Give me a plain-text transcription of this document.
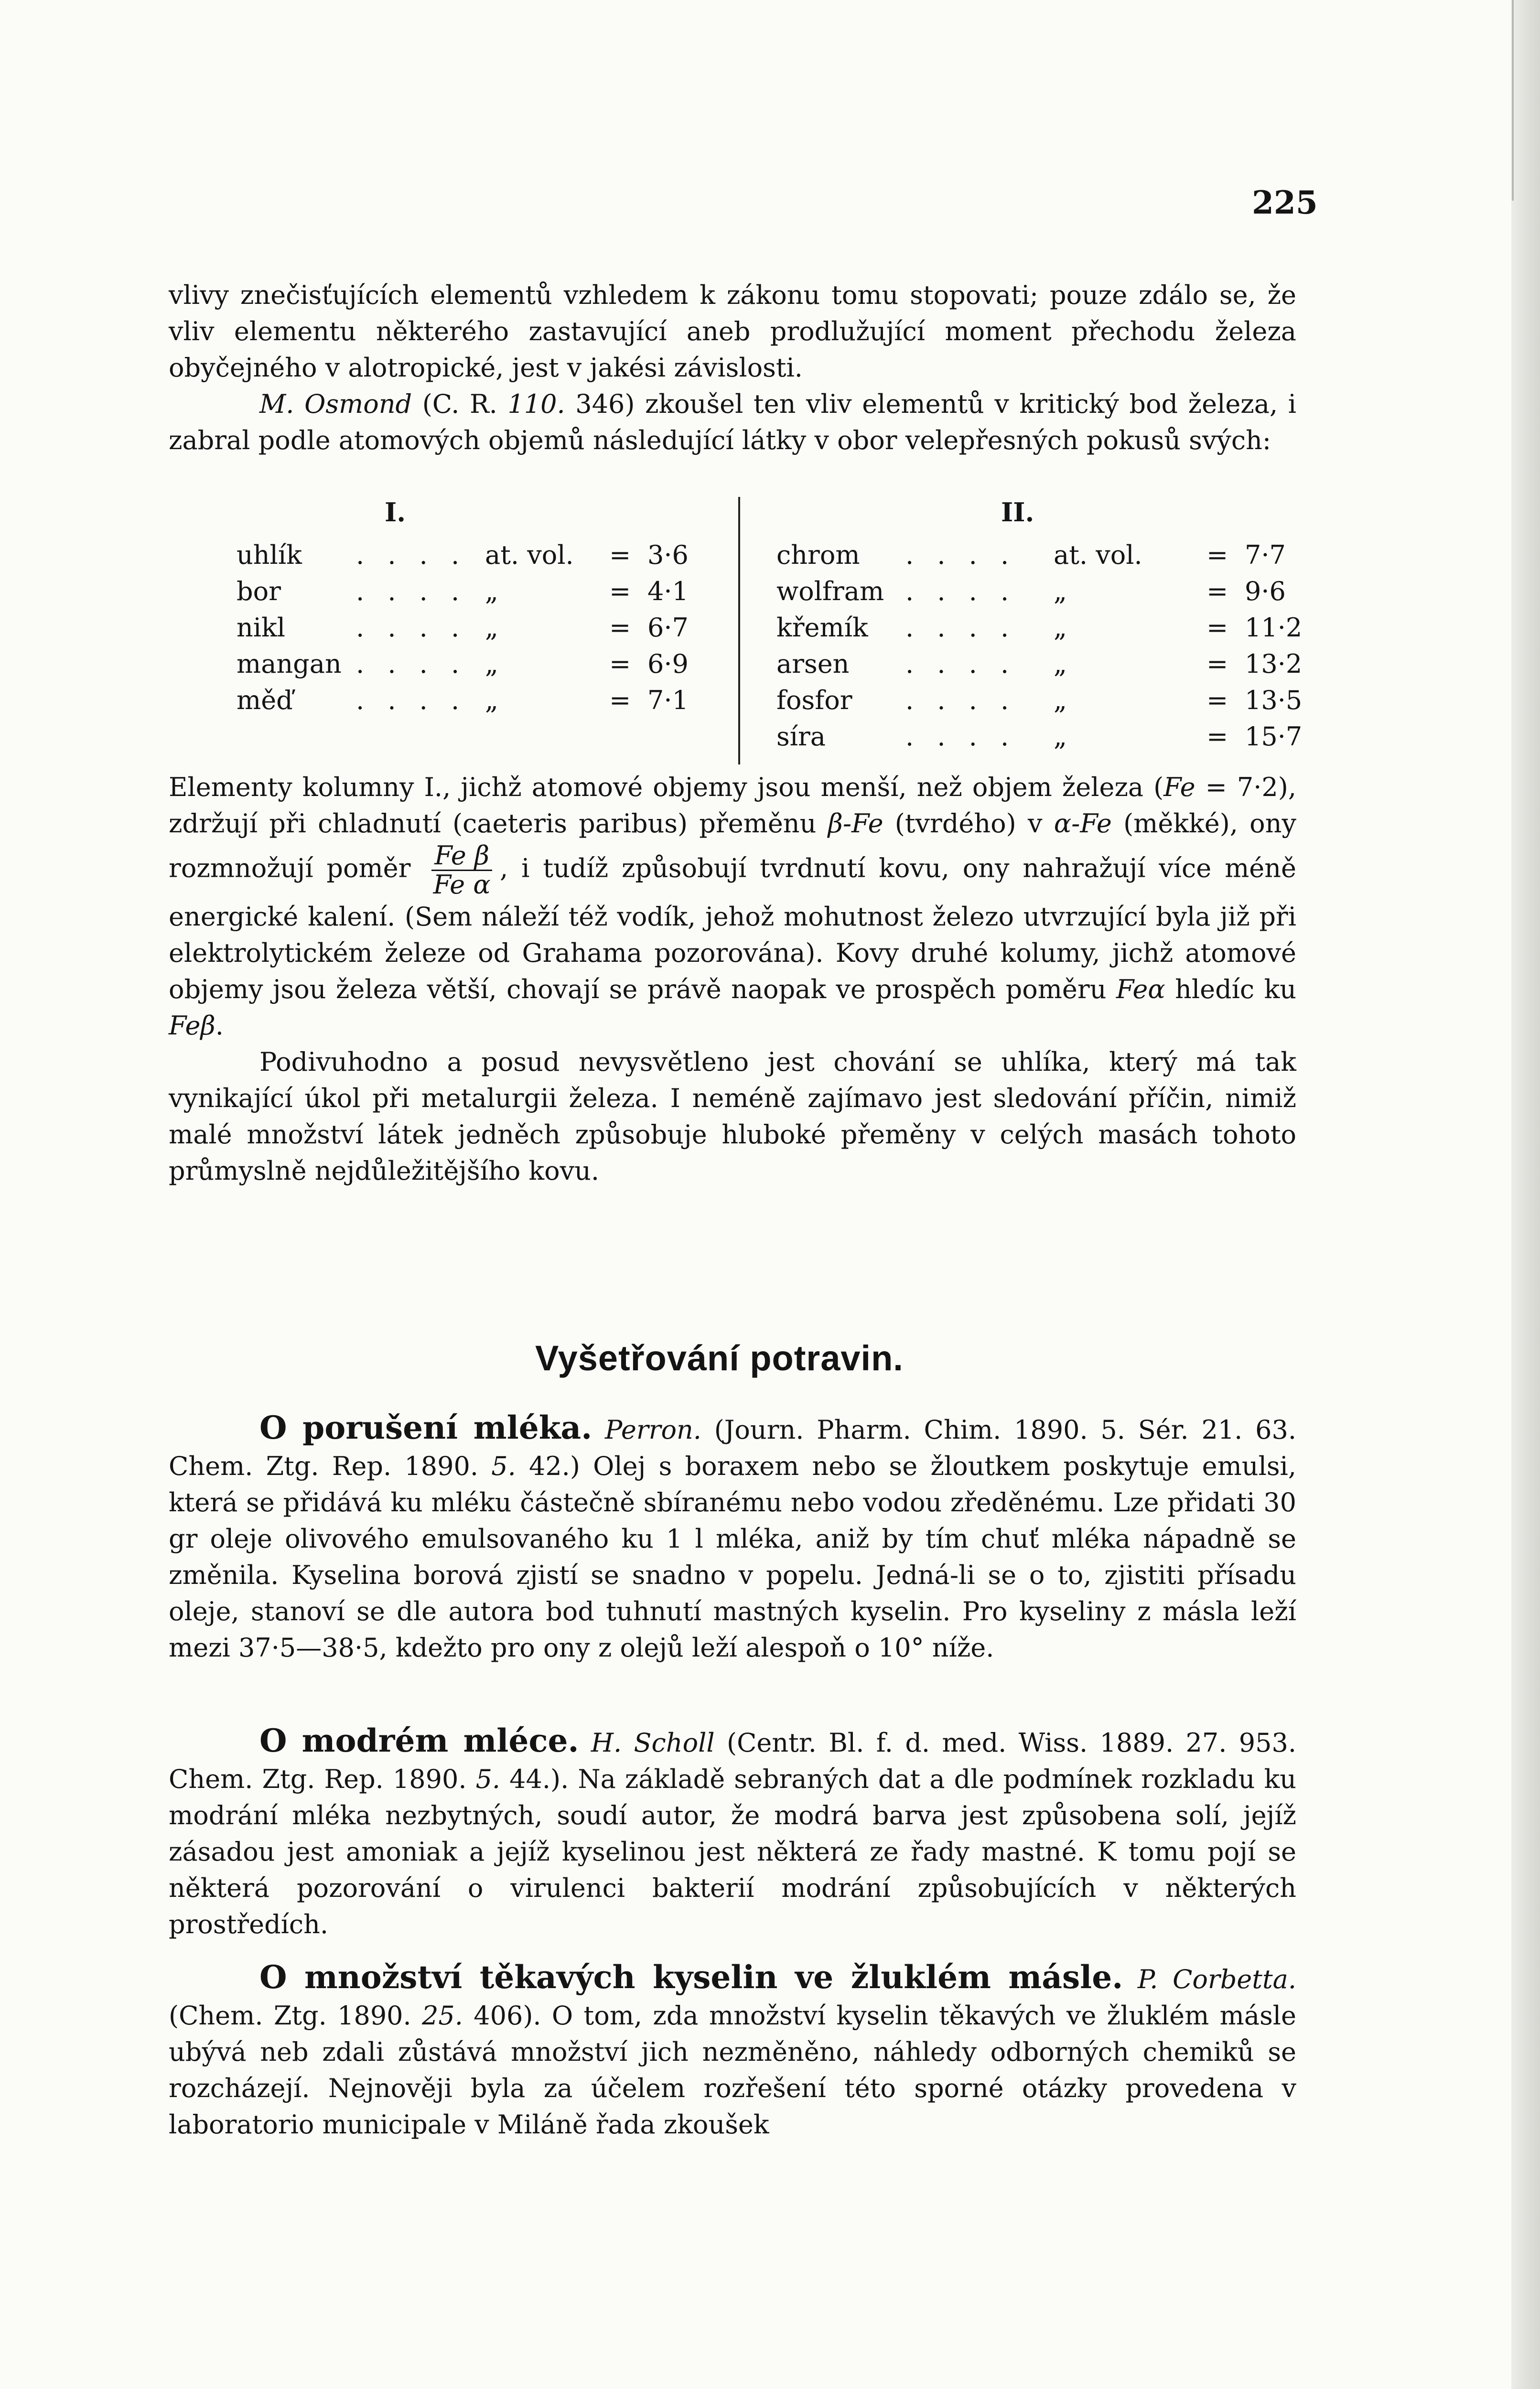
225

vlivy znečisťujících elementů vzhledem k zákonu tomu stopovati; pouze zdálo se, že vliv elementu některého zastavující aneb prodlužující moment přechodu železa obyčejného v alotropické, jest v jakési závislosti.

M. Osmond (C. R. 110. 346) zkoušel ten vliv elementů v kritický bod železa, i zabral podle atomových objemů následující látky v obor velepřesných pokusů svých:

I.
uhlík . . . . at. vol. = 3·6
bor	. . . . „	= 4·1
nikl	. . . . „	= 6·7
mangan . . . . „	= 6·9
měď . . . . „	= 7·1
II.
chrom . . . . at. vol. = 7·7
wolfram . . . . „	= 9·6
křemík . . . . „	= 11·2
arsen . . . . „	= 13·2
fosfor . . . . „	= 13·5
síra	. . . . „	= 15·7

Elementy kolumny I., jichž atomové objemy jsou menší, než objem železa (Fe = 7·2), zdržují při chladnutí (caeteris paribus) přeměnu β-Fe (tvrdého) v α-Fe (měkké), ony rozmnožují poměr $\frac{\text{Fe β}}{\text{Fe α}}$ , i tudíž způsobují tvrdnutí kovu, ony nahražují více méně energické kalení. (Sem náleží též vodík, jehož mohutnost železo utvrzující byla již při elektrolytickém železe od Grahama pozorována). Kovy druhé kolumy, jichž atomové objemy jsou železa větší, chovají se právě naopak ve prospěch poměru Feα hledíc ku Feβ.

Podivuhodno a posud nevysvětleno jest chování se uhlíka, který má tak vynikající úkol při metalurgii železa. I neméně zajímavo jest sledování příčin, nimiž malé množství látek jedněch způsobuje hluboké přeměny v celých masách tohoto průmyslně nejdůležitějšího kovu.

Vyšetřování potravin.

O porušení mléka. Perron. (Journ. Pharm. Chim. 1890. 5. Sér. 21. 63. Chem. Ztg. Rep. 1890. 5. 42.) Olej s boraxem nebo se žloutkem poskytuje emulsi, která se přidává ku mléku částečně sbíranému nebo vodou zředěnému. Lze přidati 30 gr oleje olivového emulsovaného ku 1 l mléka, aniž by tím chuť mléka nápadně se změnila. Kyselina borová zjistí se snadno v popelu. Jedná-li se o to, zjistiti přísadu oleje, stanoví se dle autora bod tuhnutí mastných kyselin. Pro kyseliny z másla leží mezi 37·5—38·5, kdežto pro ony z olejů leží alespoň o 10° níže.

O modrém mléce. H. Scholl (Centr. Bl. f. d. med. Wiss. 1889. 27. 953. Chem. Ztg. Rep. 1890. 5. 44.). Na základě sebraných dat a dle podmínek rozkladu ku modrání mléka nezbytných, soudí autor, že modrá barva jest způsobena solí, jejíž zásadou jest amoniak a jejíž kyselinou jest některá ze řady mastné. K tomu pojí se některá pozorování o virulenci bakterií modrání způsobujících v některých prostředích.

O množství těkavých kyselin ve žluklém másle. P. Corbetta. (Chem. Ztg. 1890. 25. 406). O tom, zda množství kyselin těkavých ve žluklém másle ubývá neb zdali zůstává množství jich nezměněno, náhledy odborných chemiků se rozcházejí. Nejnověji byla za účelem rozřešení této sporné otázky provedena v laboratorio municipale v Miláně řada zkoušek
